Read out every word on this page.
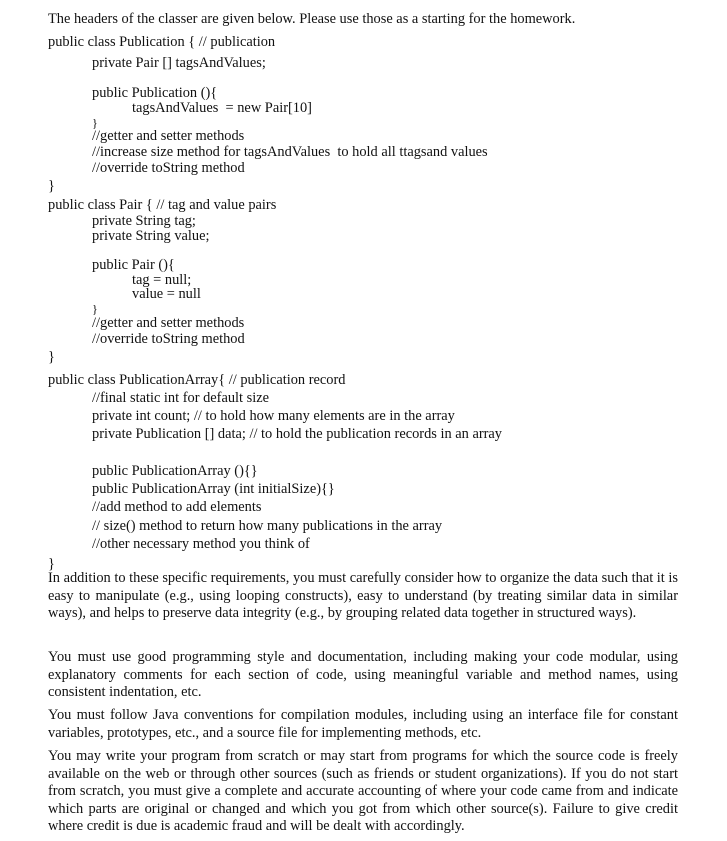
The headers of the classer are given below. Please use those as a starting for the homework.
public class Publication { // publication
private Pair [] tagsAndValues;
public Publication (){
tagsAndValues  = new Pair[10]
}
//getter and setter methods
//increase size method for tagsAndValues  to hold all ttagsand values
//override toString method
}
public class Pair { // tag and value pairs
private String tag;
private String value;
public Pair (){
tag = null;
value = null
}
//getter and setter methods
//override toString method
}
public class PublicationArray{ // publication record
//final static int for default size
private int count; // to hold how many elements are in the array
private Publication [] data; // to hold the publication records in an array
public PublicationArray (){}
public PublicationArray (int initialSize){}
//add method to add elements
// size() method to return how many publications in the array
//other necessary method you think of
}
In addition to these specific requirements, you must carefully consider how to organize the data such that it is easy to manipulate (e.g., using looping constructs), easy to understand (by treating similar data in similar ways), and helps to preserve data integrity (e.g., by grouping related data together in structured ways).
You must use good programming style and documentation, including making your code modular, using explanatory comments for each section of code, using meaningful variable and method names, using consistent indentation, etc.
You must follow Java conventions for compilation modules, including using an interface file for constant variables, prototypes, etc., and a source file for implementing methods, etc.
You may write your program from scratch or may start from programs for which the source code is freely available on the web or through other sources (such as friends or student organizations). If you do not start from scratch, you must give a complete and accurate accounting of where your code came from and indicate which parts are original or changed and which you got from which other source(s). Failure to give credit where credit is due is academic fraud and will be dealt with accordingly.
